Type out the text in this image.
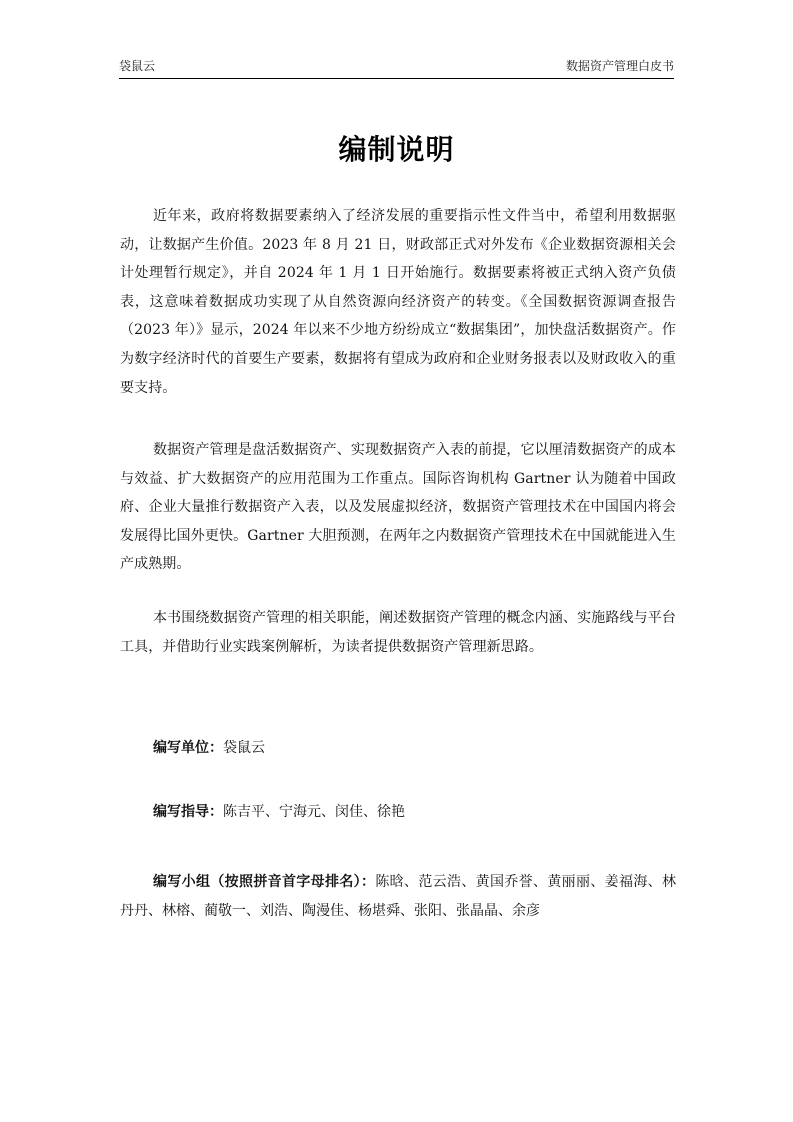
袋鼠云	数据资产管理白皮书
编制说明

近年来，政府将数据要素纳入了经济发展的重要指示性文件当中，希望利用数据驱动，让数据产生价值。2023 年 8 月 21 日，财政部正式对外发布《企业数据资源相关会计处理暂行规定》，并自 2024 年 1 月 1 日开始施行。数据要素将被正式纳入资产负债表，这意味着数据成功实现了从自然资源向经济资产的转变。《全国数据资源调查报告（2023 年）》显示，2024 年以来不少地方纷纷成立“数据集团”，加快盘活数据资产。作为数字经济时代的首要生产要素，数据将有望成为政府和企业财务报表以及财政收入的重要支持。

数据资产管理是盘活数据资产、实现数据资产入表的前提，它以厘清数据资产的成本与效益、扩大数据资产的应用范围为工作重点。国际咨询机构 Gartner 认为随着中国政府、企业大量推行数据资产入表，以及发展虚拟经济，数据资产管理技术在中国国内将会发展得比国外更快。Gartner 大胆预测，在两年之内数据资产管理技术在中国就能进入生产成熟期。

本书围绕数据资产管理的相关职能，阐述数据资产管理的概念内涵、实施路线与平台工具，并借助行业实践案例解析，为读者提供数据资产管理新思路。

编写单位：袋鼠云

编写指导：陈吉平、宁海元、闵佳、徐艳

编写小组（按照拼音首字母排名）：陈晗、范云浩、黄国乔誉、黄丽丽、姜福海、林丹丹、林榕、蔺敬一、刘浩、陶漫佳、杨堪舜、张阳、张晶晶、余彦
